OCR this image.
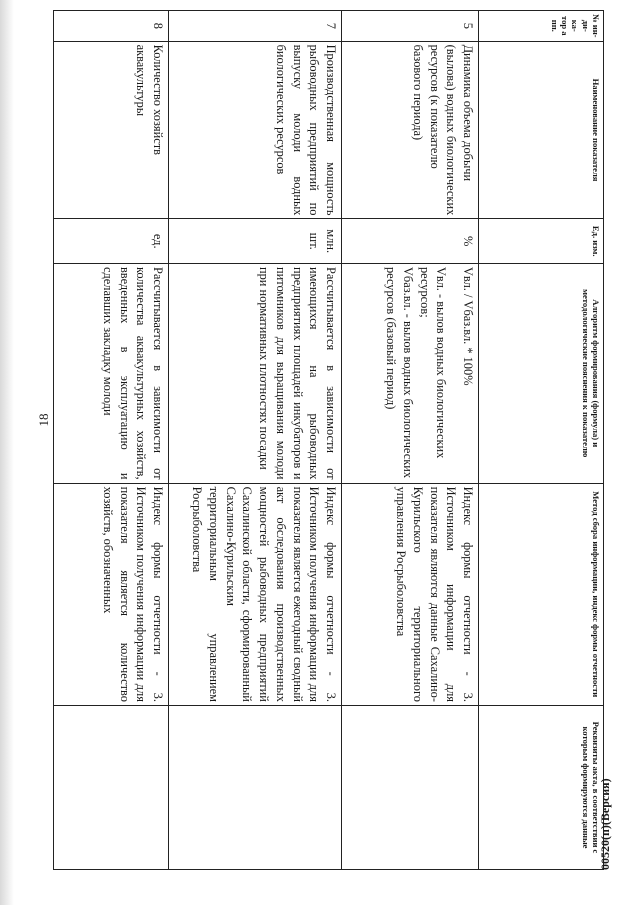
18
№ ин-ди-ка-тор а пп.	Наименование показателя	Ед. изм.	Алгоритм формирования (формула) и методологические пояснения к показателю	Метод сбора информации, индекс формы отчетности	Реквизиты акта, в соответствии с которым формируются данные
5	Динамика объема добычи (вылова) водных биологических ресурсов (к показателю базового периода)	%	Vвл. / Vбаз.вл. * 100%
Vвл. - вылов водных биологических ресурсов;
Vбаз.вл. - вылов водных биологических ресурсов (базовый период)	Индекс формы отчетности - 3. Источником информации для показателя являются данные Сахалино-Курильского территориального управления Росрыболовства	
7	Производственная мощность рыбоводных предприятий по выпуску молоди водных биологических ресурсов	млн. шт.	Рассчитывается в зависимости от имеющихся на рыбоводных предприятиях площадей инкубаторов и питомников для выращивания молоди при нормативных плотностях посадки	Индекс формы отчетности - 3. Источником получения информации для показателя является ежегодный сводный акт обследования производственных мощностей рыбоводных предприятий Сахалинской области, сформированный Сахалино-Курильским территориальным управлением Росрыболовства	
8	Количество хозяйств аквакультуры	ед.	Рассчитывается в зависимости от количества аквакультурных хозяйств, введенных в эксплуатацию и сделавших закладку молоди	Индекс формы отчетности - 3. Источником получения информации для показателя является количество хозяйств, обозначенных	
00520(п)(Версия)
